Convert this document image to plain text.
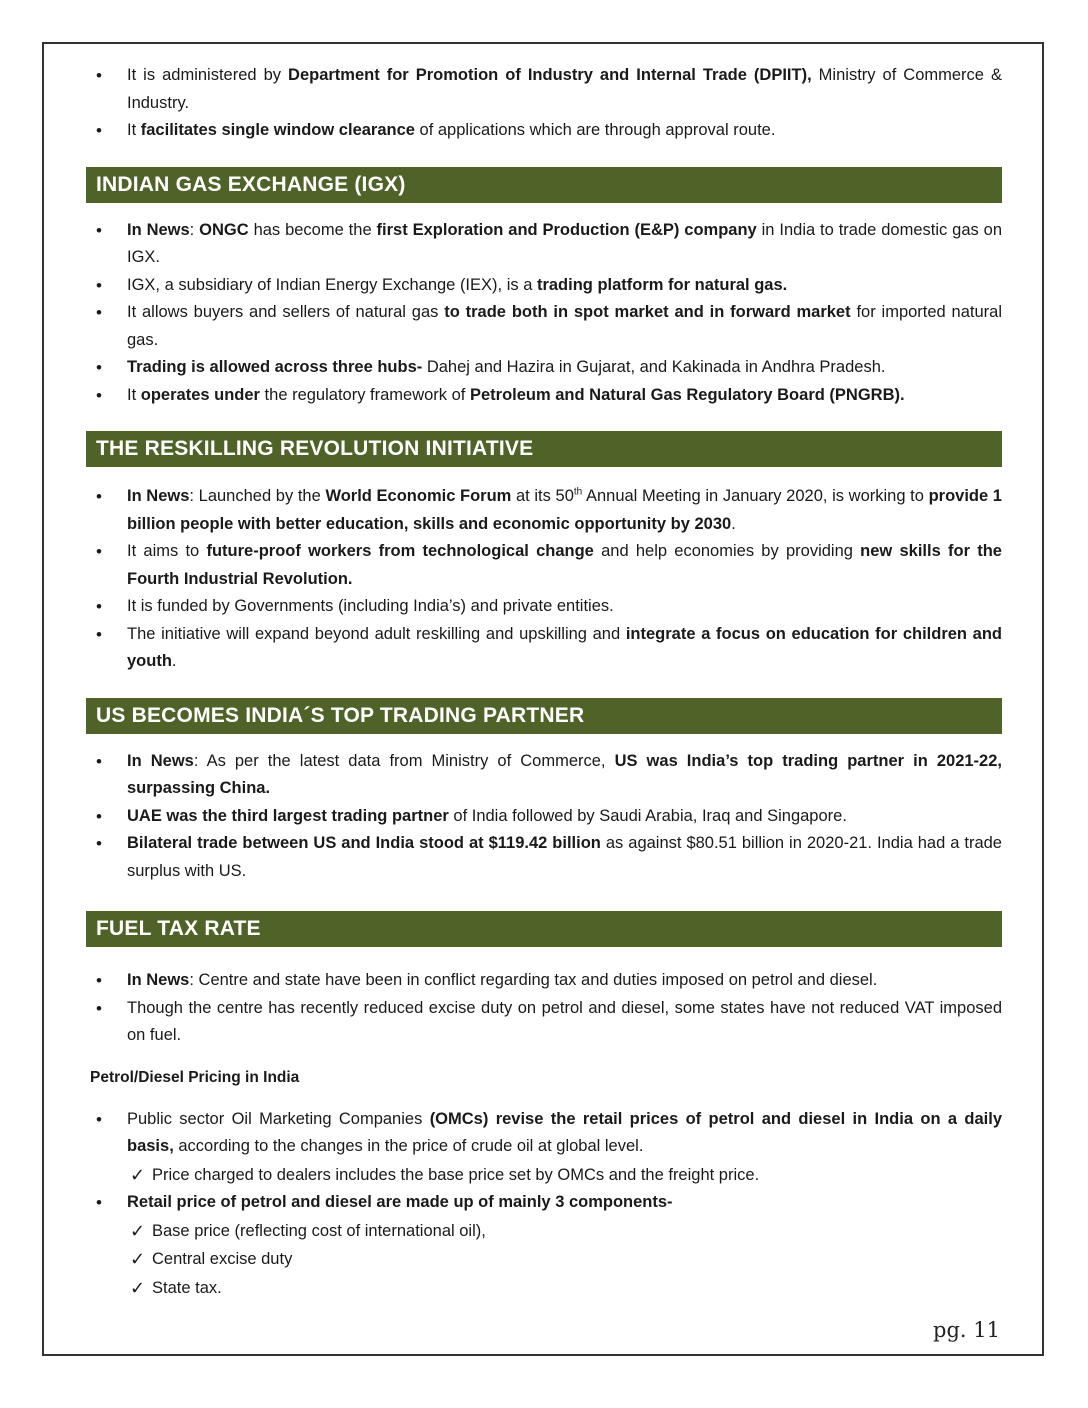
• It is administered by Department for Promotion of Industry and Internal Trade (DPIIT), Ministry of Commerce & Industry.
• It facilitates single window clearance of applications which are through approval route.
INDIAN GAS EXCHANGE (IGX)
• In News: ONGC has become the first Exploration and Production (E&P) company in India to trade domestic gas on IGX.
• IGX, a subsidiary of Indian Energy Exchange (IEX), is a trading platform for natural gas.
• It allows buyers and sellers of natural gas to trade both in spot market and in forward market for imported natural gas.
• Trading is allowed across three hubs- Dahej and Hazira in Gujarat, and Kakinada in Andhra Pradesh.
• It operates under the regulatory framework of Petroleum and Natural Gas Regulatory Board (PNGRB).
THE RESKILLING REVOLUTION INITIATIVE
• In News: Launched by the World Economic Forum at its 50th Annual Meeting in January 2020, is working to provide 1 billion people with better education, skills and economic opportunity by 2030.
• It aims to future-proof workers from technological change and help economies by providing new skills for the Fourth Industrial Revolution.
• It is funded by Governments (including India’s) and private entities.
• The initiative will expand beyond adult reskilling and upskilling and integrate a focus on education for children and youth.
US BECOMES INDIA´S TOP TRADING PARTNER
• In News: As per the latest data from Ministry of Commerce, US was India’s top trading partner in 2021-22, surpassing China.
• UAE was the third largest trading partner of India followed by Saudi Arabia, Iraq and Singapore.
• Bilateral trade between US and India stood at $119.42 billion as against $80.51 billion in 2020-21. India had a trade surplus with US.
FUEL TAX RATE
• In News: Centre and state have been in conflict regarding tax and duties imposed on petrol and diesel.
• Though the centre has recently reduced excise duty on petrol and diesel, some states have not reduced VAT imposed on fuel.
Petrol/Diesel Pricing in India
• Public sector Oil Marketing Companies (OMCs) revise the retail prices of petrol and diesel in India on a daily basis, according to the changes in the price of crude oil at global level.
✓ Price charged to dealers includes the base price set by OMCs and the freight price.
• Retail price of petrol and diesel are made up of mainly 3 components-
✓ Base price (reflecting cost of international oil),
✓ Central excise duty
✓ State tax.
pg. 11
